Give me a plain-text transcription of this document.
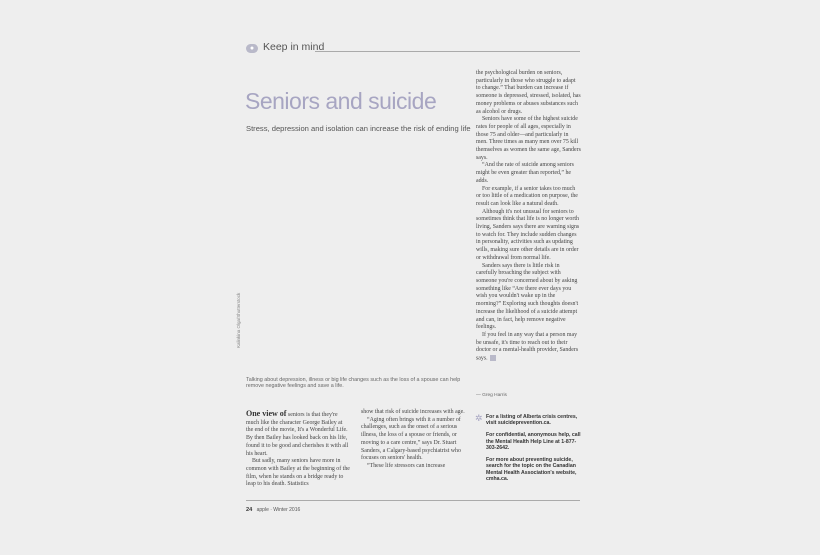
● Keep in mind
Seniors and suicide
Stress, depression and isolation can increase the risk of ending life
Kalinkina Olga/Shutterstock
Talking about depression, illness or big life changes such as the loss of a spouse can help remove negative feelings and save a life.

the psychological burden on seniors, particularly in those who struggle to adapt to change.” That burden can increase if someone is depressed, stressed, isolated, has money problems or abuses substances such as alcohol or drugs.

Seniors have some of the highest suicide rates for people of all ages, especially in those 75 and older—and particularly in men. Three times as many men over 75 kill themselves as women the same age, Sanders says.

“And the rate of suicide among seniors might be even greater than reported,” he adds.

For example, if a senior takes too much or too little of a medication on purpose, the result can look like a natural death.

Although it's not unusual for seniors to sometimes think that life is no longer worth living, Sanders says there are warning signs to watch for. They include sudden changes in personality, activities such as updating wills, making sure other details are in order or withdrawal from normal life.

Sanders says there is little risk in carefully broaching the subject with someone you're concerned about by asking something like “Are there ever days you wish you wouldn't wake up in the morning?” Exploring such thoughts doesn't increase the likelihood of a suicide attempt and can, in fact, help remove negative feelings.

If you feel in any way that a person may be unsafe, it's time to reach out to their doctor or a mental-health provider, Sanders says.

— Greg Harris

One view of seniors is that they're much like the character George Bailey at the end of the movie, It's a Wonderful Life. By then Bailey has looked back on his life, found it to be good and cherishes it with all his heart.

But sadly, many seniors have more in common with Bailey at the beginning of the film, when he stands on a bridge ready to leap to his death. Statistics

show that risk of suicide increases with age.

“Aging often brings with it a number of challenges, such as the onset of a serious illness, the loss of a spouse or friends, or moving to a care centre,” says Dr. Stuart Sanders, a Calgary-based psychiatrist who focuses on seniors' health.

“These life stressors can increase

✲ For a listing of Alberta crisis centres, visit suicideprevention.ca.
For confidential, anonymous help, call the Mental Health Help Line at 1-877-303-2642.
For more about preventing suicide, search for the topic on the Canadian Mental Health Association's website, cmha.ca.
24 apple · Winter 2016
